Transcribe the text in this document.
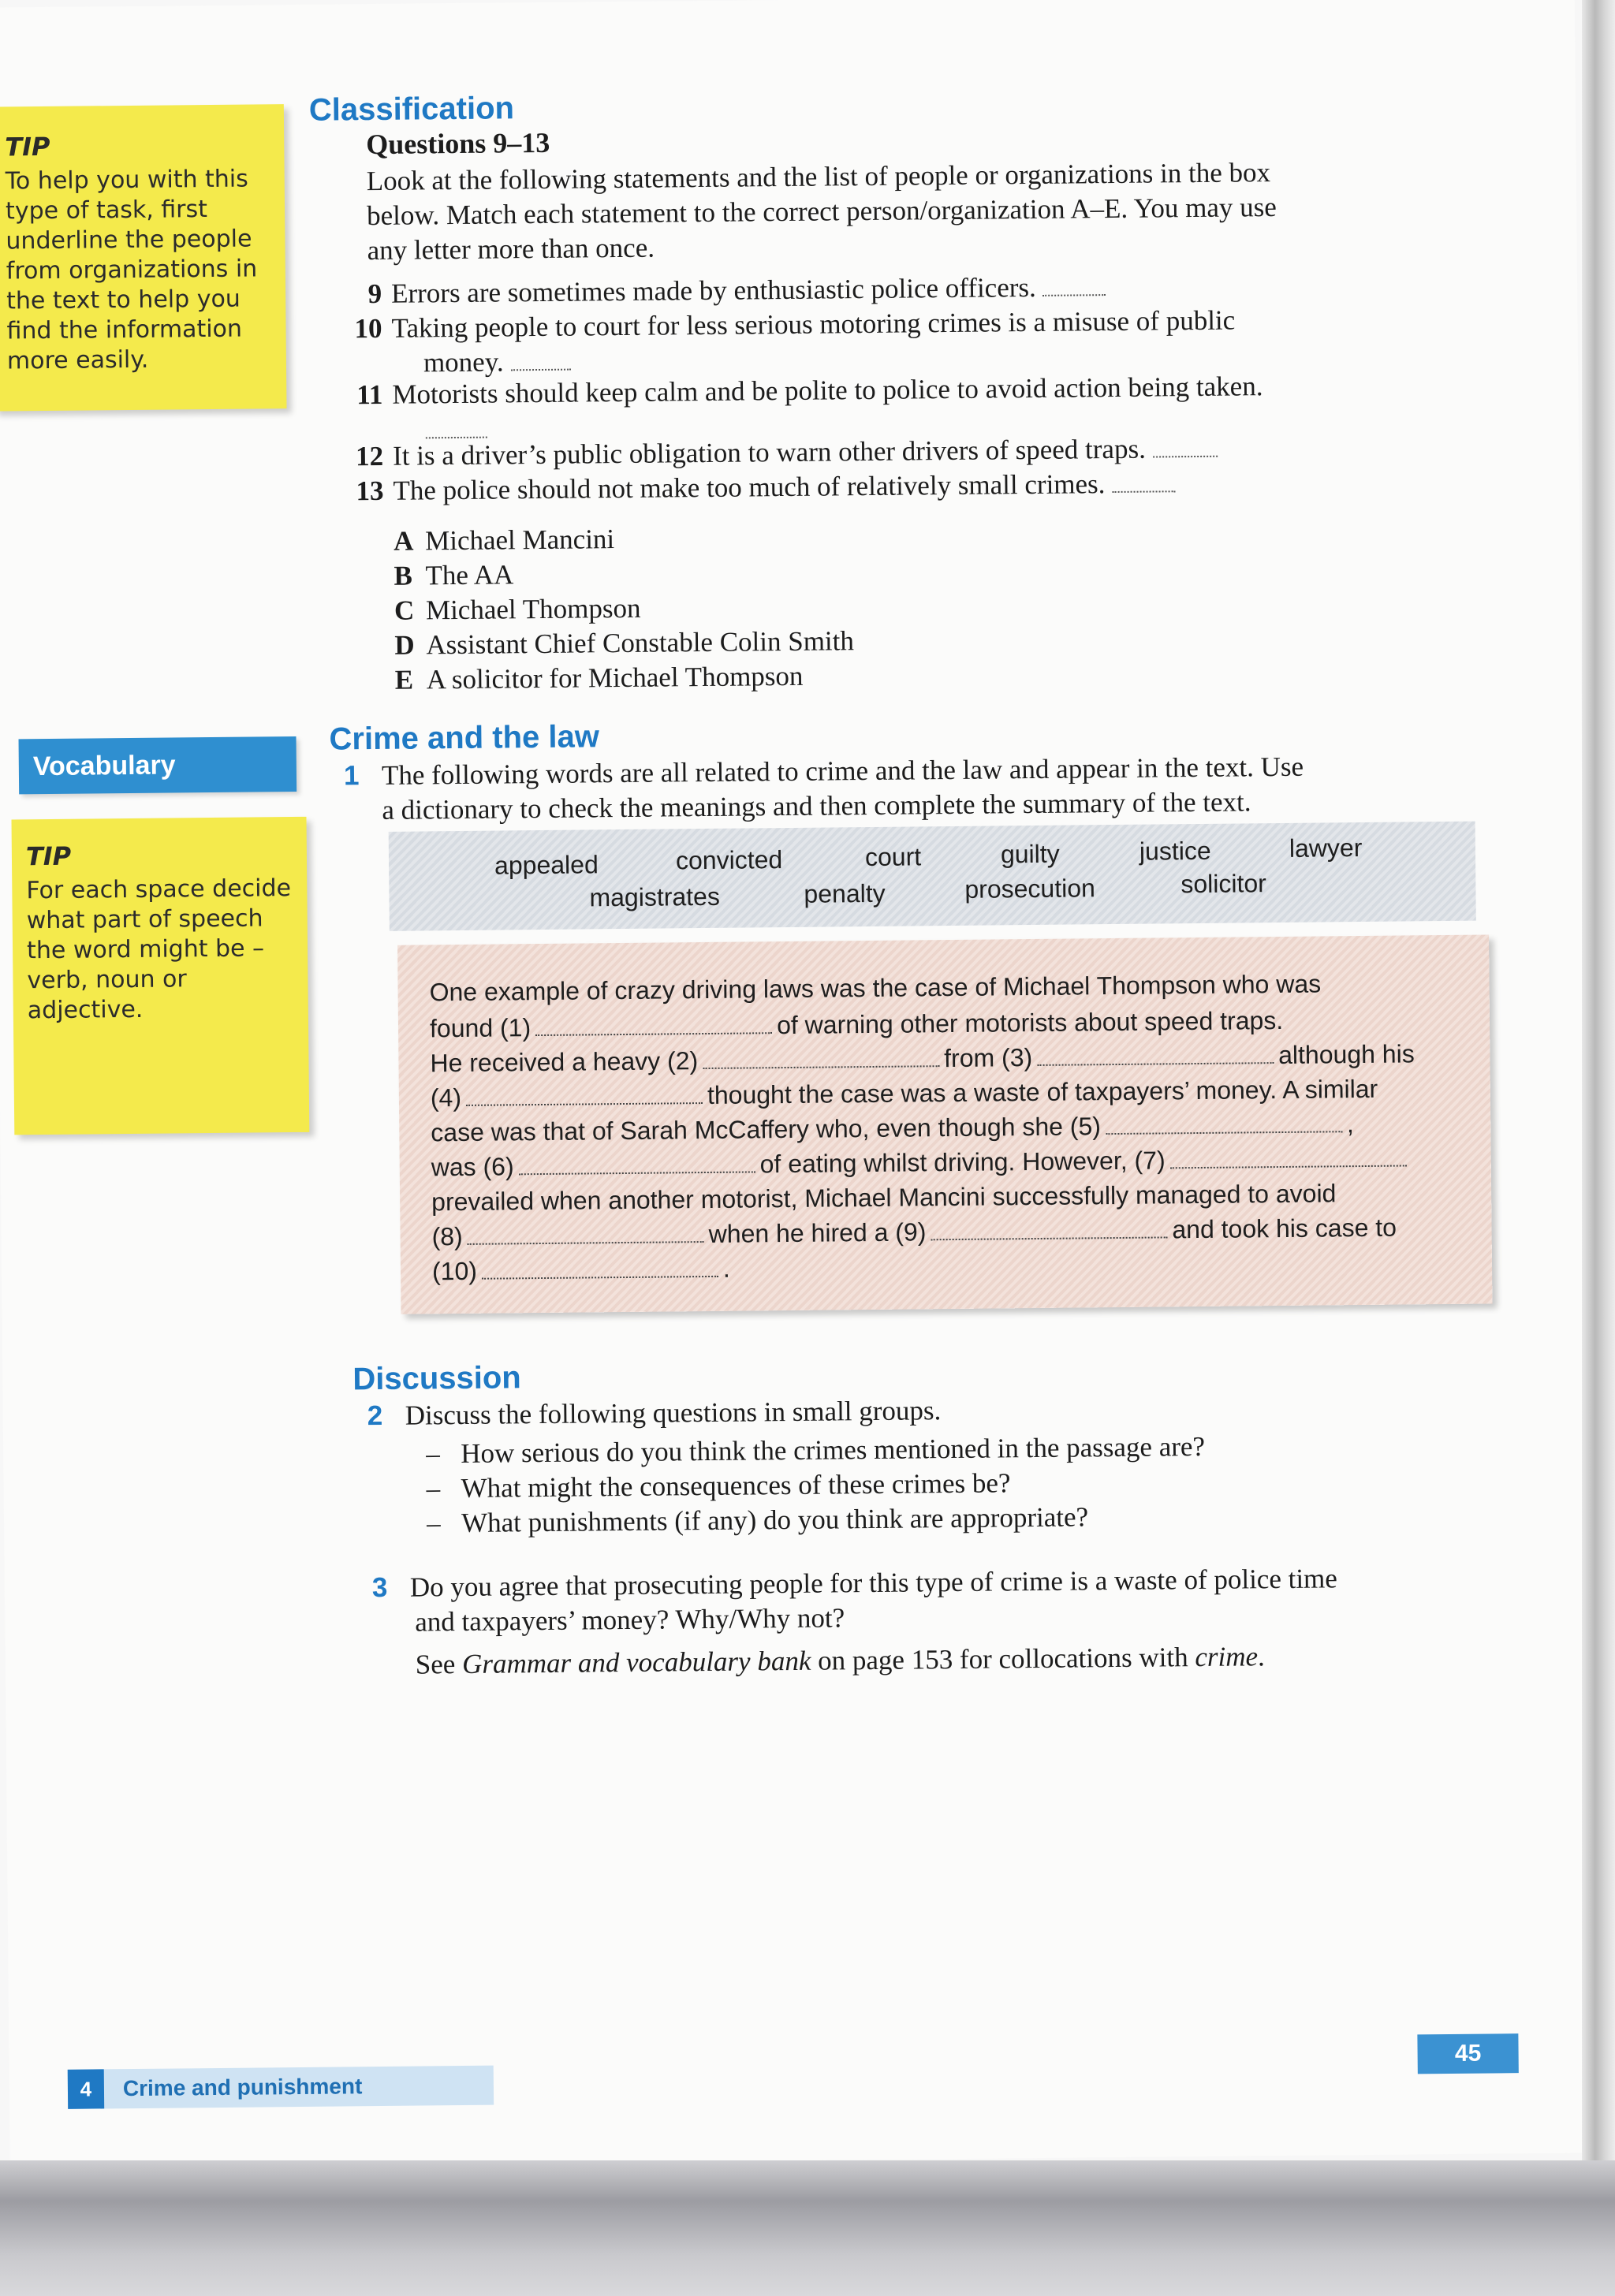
TIP

To help you with this type of task, first underline the people from organizations in the text to help you find the information more easily.

Vocabulary
TIP

For each space decide what part of speech the word might be – verb, noun or adjective.

Classification
Questions 9–13
Look at the following statements and the list of people or organizations in the box
below. Match each statement to the correct person/organization A–E. You may use
any letter more than once.
9 Errors are sometimes made by enthusiastic police officers.
10 Taking people to court for less serious motoring crimes is a misuse of public
money.
11 Motorists should keep calm and be polite to police to avoid action being taken.
12 It is a driver’s public obligation to warn other drivers of speed traps.
13 The police should not make too much of relatively small crimes.
A Michael Mancini
B The AA
C Michael Thompson
D Assistant Chief Constable Colin Smith
E A solicitor for Michael Thompson
Crime and the law
1 The following words are all related to crime and the law and appear in the text. Use
a dictionary to check the meanings and then complete the summary of the text.
appealed	convicted	court	guilty	justice	lawyer
magistrates	penalty	prosecution	solicitor
One example of crazy driving laws was the case of Michael Thompson who was
found (1)	of warning other motorists about speed traps.
He received a heavy (2)	from (3)	although his
(4)	thought the case was a waste of taxpayers’ money. A similar
case was that of Sarah McCaffery who, even though she (5)	,
was (6)	of eating whilst driving. However, (7)
prevailed when another motorist, Michael Mancini successfully managed to avoid
(8)	when he hired a (9)	and took his case to
(10)	.
Discussion
2 Discuss the following questions in small groups.
– How serious do you think the crimes mentioned in the passage are?
– What might the consequences of these crimes be?
– What punishments (if any) do you think are appropriate?
3 Do you agree that prosecuting people for this type of crime is a waste of police time
and taxpayers’ money? Why/Why not?
See Grammar and vocabulary bank on page 153 for collocations with crime.
4	Crime and punishment
45
